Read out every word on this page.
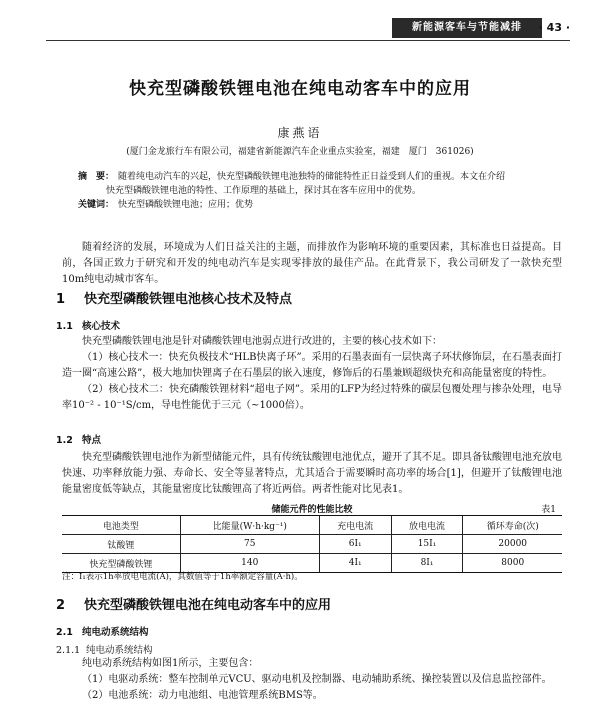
新能源客车与节能减排	· 43 ·
快充型磷酸铁锂电池在纯电动客车中的应用
康燕语
(厦门金龙旅行车有限公司，福建省新能源汽车企业重点实验室，福建　厦门　361026)

摘　要： 随着纯电动汽车的兴起，快充型磷酸铁锂电池独特的储能特性正日益受到人们的重视。本文在介绍

快充型磷酸铁锂电池的特性、工作原理的基础上，探讨其在客车应用中的优势。

关键词： 快充型磷酸铁锂电池；应用；优势

随着经济的发展，环境成为人们日益关注的主题，而排放作为影响环境的重要因素，其标准也日益提高。目前，各国正致力于研究和开发的纯电动汽车是实现零排放的最佳产品。在此背景下，我公司研发了一款快充型10m纯电动城市客车。

1 快充型磷酸铁锂电池核心技术及特点
1.1 核心技术

快充型磷酸铁锂电池是针对磷酸铁锂电池弱点进行改进的，主要的核心技术如下：

（1）核心技术一：快充负极技术“HLB快离子环”。采用的石墨表面有一层快离子环状修饰层，在石墨表面打造一圈“高速公路”，极大地加快锂离子在石墨层的嵌入速度，修饰后的石墨兼顾超级快充和高能量密度的特性。

（2）核心技术二：快充磷酸铁锂材料“超电子网”。采用的LFP为经过特殊的碳层包覆处理与掺杂处理，电导率10⁻² - 10⁻¹S/cm，导电性能优于三元（~1000倍）。

1.2 特点

快充型磷酸铁锂电池作为新型储能元件，具有传统钛酸锂电池优点，避开了其不足。即具备钛酸锂电池充放电快速、功率释放能力强、寿命长、安全等显著特点，尤其适合于需要瞬时高功率的场合[1]，但避开了钛酸锂电池能量密度低等缺点，其能量密度比钛酸锂高了将近两倍。两者性能对比见表1。

储能元件的性能比较	表1
电池类型	比能量(W·h·kg⁻¹)	充电电流	放电电流	循环寿命(次)
钛酸锂	75	6I₁	15I₁	20000
快充型磷酸铁锂	140	4I₁	8I₁	8000
注：I₁表示1h率放电电流(A)，其数值等于1h率额定容量(A·h)。
2 快充型磷酸铁锂电池在纯电动客车中的应用
2.1 纯电动系统结构
2.1.1 纯电动系统结构

纯电动系统结构如图1所示，主要包含：

（1）电驱动系统：整车控制单元VCU、驱动电机及控制器、电动辅助系统、操控装置以及信息监控部件。

（2）电池系统：动力电池组、电池管理系统BMS等。
